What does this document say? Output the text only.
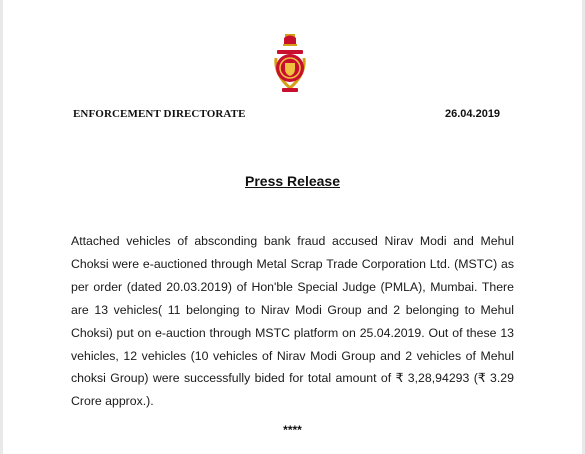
ENFORCEMENT DIRECTORATE	26.04.2019
Press Release

Attached vehicles of absconding bank fraud accused Nirav Modi and Mehul Choksi were e-auctioned through Metal Scrap Trade Corporation Ltd. (MSTC) as per order (dated 20.03.2019) of Hon'ble Special Judge (PMLA), Mumbai. There are 13 vehicles( 11 belonging to Nirav Modi Group and 2 belonging to Mehul Choksi) put on e-auction through MSTC platform on 25.04.2019. Out of these 13 vehicles, 12 vehicles (10 vehicles of Nirav Modi Group and 2 vehicles of Mehul choksi Group) were successfully bided for total amount of ₹ 3,28,94293 (₹ 3.29 Crore approx.).

****
